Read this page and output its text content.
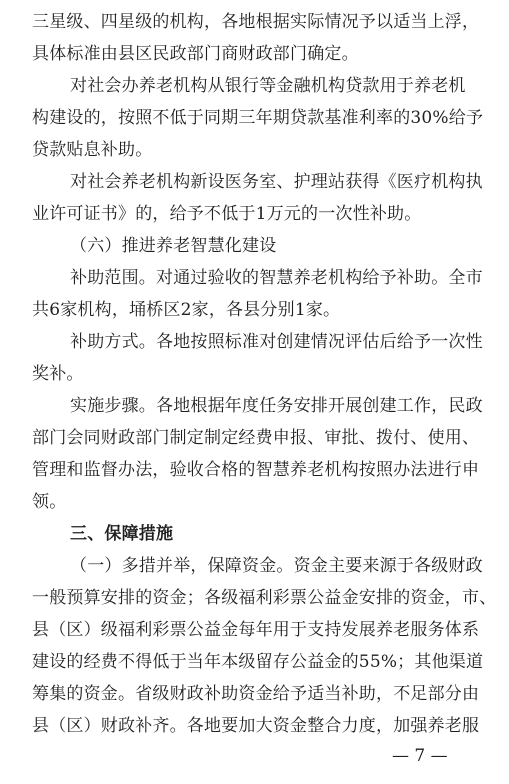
三星级、四星级的机构，各地根据实际情况予以适当上浮，
具体标准由县区民政部门商财政部门确定。
对社会办养老机构从银行等金融机构贷款用于养老机
构建设的，按照不低于同期三年期贷款基准利率的30%给予
贷款贴息补助。
对社会养老机构新设医务室、护理站获得《医疗机构执
业许可证书》的，给予不低于1万元的一次性补助。
（六）推进养老智慧化建设
补助范围。对通过验收的智慧养老机构给予补助。全市
共6家机构，埇桥区2家，各县分别1家。
补助方式。各地按照标准对创建情况评估后给予一次性
奖补。
实施步骤。各地根据年度任务安排开展创建工作，民政
部门会同财政部门制定制定经费申报、审批、拨付、使用、
管理和监督办法，验收合格的智慧养老机构按照办法进行申
领。
三、保障措施
（一）多措并举，保障资金。资金主要来源于各级财政
一般预算安排的资金；各级福利彩票公益金安排的资金，市、
县（区）级福利彩票公益金每年用于支持发展养老服务体系
建设的经费不得低于当年本级留存公益金的55%；其他渠道
筹集的资金。省级财政补助资金给予适当补助，不足部分由
县（区）财政补齐。各地要加大资金整合力度，加强养老服
— 7 —
